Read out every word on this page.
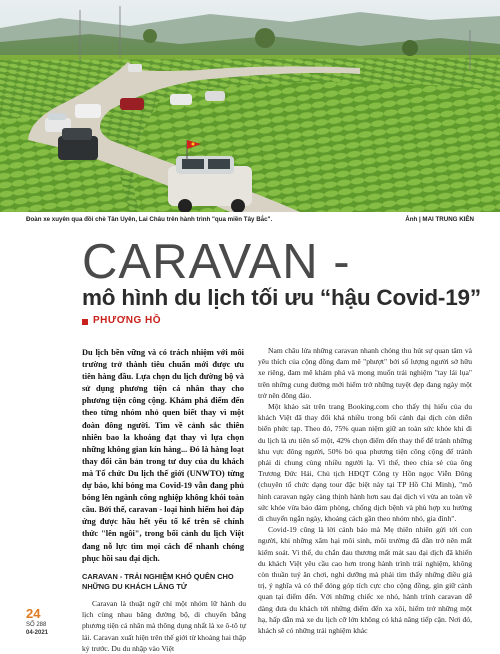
Đoàn xe xuyên qua đồi chè Tân Uyên, Lai Châu trên hành trình "qua miền Tây Bắc".	Ảnh | MAI TRUNG KIÊN
CARAVAN -
mô hình du lịch tối ưu “hậu Covid-19”
PHƯƠNG HỒ
Du lịch bền vững và có trách nhiệm với môi trường trở thành tiêu chuẩn mới được ưu tiên hàng đầu. Lựa chọn du lịch đường bộ và sử dụng phương tiện cá nhân thay cho phương tiện công cộng. Khám phá điểm đến theo từng nhóm nhỏ quen biết thay vì một đoàn đông người. Tìm về cảnh sắc thiên nhiên bao la khoáng đạt thay vì lựa chọn những không gian kín hàng... Đó là hàng loạt thay đổi căn bản trong tư duy của du khách mà Tổ chức Du lịch thế giới (UNWTO) từng dự báo, khi bóng ma Covid-19 vẫn đang phủ bóng lên ngành công nghiệp không khói toàn cầu. Bởi thế, caravan - loại hình hiếm hoi đáp ứng được hầu hết yếu tố kể trên sẽ chính thức "lên ngôi", trong bối cảnh du lịch Việt đang nỗ lực tìm mọi cách để nhanh chóng phục hồi sau đại dịch.

Nam châu lửa những caravan nhanh chóng thu hút sự quan tâm và yêu thích của cộng đồng đam mê "phượt" bởi số lượng người sở hữu xe riêng, đam mê khám phá và mong muốn trải nghiệm "tay lái lụa" trên những cung đường mới hiểm trở những tuyệt đẹp đang ngày một trở nên đông đảo.

Một khảo sát trên trang Booking.com cho thấy thị hiếu của du khách Việt đã thay đổi khá nhiều trong bối cảnh đại dịch còn diễn biến phức tạp. Theo đó, 75% quan niệm giữ an toàn sức khỏe khi đi du lịch là ưu tiên số một, 42% chọn điểm đến thay thế để tránh những khu vực đông người, 50% bỏ qua phương tiện công cộng để tránh phải di chung cùng nhiều người lạ. Vì thế, theo chia sẻ của ông Trương Đức Hải, Chủ tịch HĐQT Công ty Hồn ngọc Viễn Đông (chuyên tổ chức dạng tour đặc biệt này tại TP Hồ Chí Minh), "mô hình caravan ngày càng thịnh hành hơn sau đại dịch vì vừa an toàn về sức khỏe vừa bảo đảm phòng, chống dịch bệnh và phù hợp xu hướng di chuyển ngắn ngày, khoảng cách gần theo nhóm nhỏ, gia đình".

Covid-19 cũng là lời cảnh báo mà Mẹ thiên nhiên gửi tới con người, khi những xâm hại môi sinh, môi trường đã dần trở nên mất kiểm soát. Vì thế, du chắn đau thương mất mát sau đại dịch đã khiến du khách Việt yêu cầu cao hơn trong hành trình trải nghiệm, không còn thuần tuý ăn chơi, nghỉ dưỡng mà phải tìm thấy những điều giá trị, ý nghĩa và có thể đóng góp tích cực cho cộng đồng, gìn giữ cảnh quan tại điểm đến. Với những chiếc xe nhỏ, hành trình caravan dễ dàng đưa du khách tới những điểm đến xa xôi, hiểm trở những một hạ, hấp dẫn mà xe du lịch cỡ lớn không có khả năng tiếp cận. Nơi đó, khách sẽ có những trải nghiệm khác

CARAVAN - TRẢI NGHIỆM KHÓ QUÊN CHO NHỮNG DU KHÁCH LẮNG TỬ

Caravan là thuật ngữ chỉ một nhóm lữ hành du lịch cùng nhau băng đường bộ, di chuyển bằng phương tiện cá nhân mà thông dụng nhất là xe ô-tô tự lái. Caravan xuất hiện trên thế giới từ khoảng hai thập kỷ trước. Du du nhập vào Việt

24
SỐ 288
04-2021
